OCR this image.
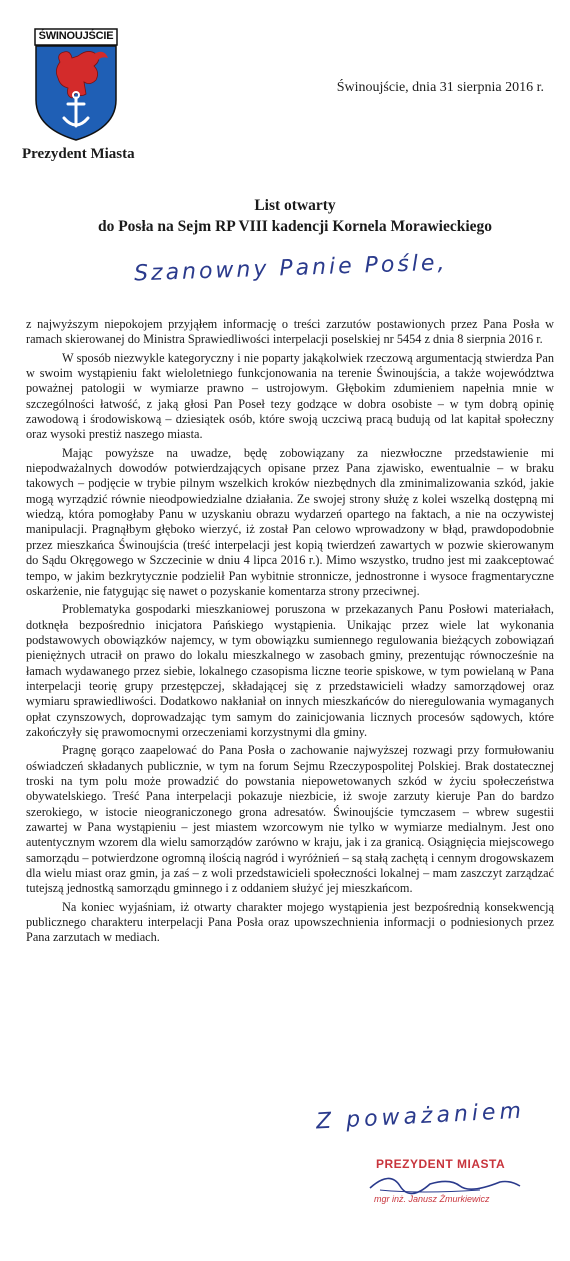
ŚWINOUJŚCIE
Prezydent Miasta
Świnoujście, dnia 31 sierpnia 2016 r.
List otwarty
do Posła na Sejm RP VIII kadencji Kornela Morawieckiego
Szanowny Panie Pośle,

z najwyższym niepokojem przyjąłem informację o treści zarzutów postawionych przez Pana Posła w ramach skierowanej do Ministra Sprawiedliwości interpelacji poselskiej nr 5454 z dnia 8 sierpnia 2016 r.

W sposób niezwykle kategoryczny i nie poparty jakąkolwiek rzeczową argumentacją stwierdza Pan w swoim wystąpieniu fakt wieloletniego funkcjonowania na terenie Świnoujścia, a także województwa poważnej patologii w wymiarze prawno – ustrojowym. Głębokim zdumieniem napełnia mnie w szczególności łatwość, z jaką głosi Pan Poseł tezy godzące w dobra osobiste – w tym dobrą opinię zawodową i środowiskową – dziesiątek osób, które swoją uczciwą pracą budują od lat kapitał społeczny oraz wysoki prestiż naszego miasta.

Mając powyższe na uwadze, będę zobowiązany za niezwłoczne przedstawienie mi niepodważalnych dowodów potwierdzających opisane przez Pana zjawisko, ewentualnie – w braku takowych – podjęcie w trybie pilnym wszelkich kroków niezbędnych dla zminimalizowania szkód, jakie mogą wyrządzić równie nieodpowiedzialne działania. Ze swojej strony służę z kolei wszelką dostępną mi wiedzą, która pomogłaby Panu w uzyskaniu obrazu wydarzeń opartego na faktach, a nie na oczywistej manipulacji. Pragnąłbym głęboko wierzyć, iż został Pan celowo wprowadzony w błąd, prawdopodobnie przez mieszkańca Świnoujścia (treść interpelacji jest kopią twierdzeń zawartych w pozwie skierowanym do Sądu Okręgowego w Szczecinie w dniu 4 lipca 2016 r.). Mimo wszystko, trudno jest mi zaakceptować tempo, w jakim bezkrytycznie podzielił Pan wybitnie stronnicze, jednostronne i wysoce fragmentaryczne oskarżenie, nie fatygując się nawet o pozyskanie komentarza strony przeciwnej.

Problematyka gospodarki mieszkaniowej poruszona w przekazanych Panu Posłowi materiałach, dotknęła bezpośrednio inicjatora Pańskiego wystąpienia. Unikając przez wiele lat wykonania podstawowych obowiązków najemcy, w tym obowiązku sumiennego regulowania bieżących zobowiązań pieniężnych utracił on prawo do lokalu mieszkalnego w zasobach gminy, prezentując równocześnie na łamach wydawanego przez siebie, lokalnego czasopisma liczne teorie spiskowe, w tym powielaną w Pana interpelacji teorię grupy przestępczej, składającej się z przedstawicieli władzy samorządowej oraz wymiaru sprawiedliwości. Dodatkowo nakłaniał on innych mieszkańców do nieregulowania wymaganych opłat czynszowych, doprowadzając tym samym do zainicjowania licznych procesów sądowych, które zakończyły się prawomocnymi orzeczeniami korzystnymi dla gminy.

Pragnę gorąco zaapelować do Pana Posła o zachowanie najwyższej rozwagi przy formułowaniu oświadczeń składanych publicznie, w tym na forum Sejmu Rzeczypospolitej Polskiej. Brak dostatecznej troski na tym polu może prowadzić do powstania niepowetowanych szkód w życiu społeczeństwa obywatelskiego. Treść Pana interpelacji pokazuje niezbicie, iż swoje zarzuty kieruje Pan do bardzo szerokiego, w istocie nieograniczonego grona adresatów. Świnoujście tymczasem – wbrew sugestii zawartej w Pana wystąpieniu – jest miastem wzorcowym nie tylko w wymiarze medialnym. Jest ono autentycznym wzorem dla wielu samorządów zarówno w kraju, jak i za granicą. Osiągnięcia miejscowego samorządu – potwierdzone ogromną ilością nagród i wyróżnień – są stałą zachętą i cennym drogowskazem dla wielu miast oraz gmin, ja zaś – z woli przedstawicieli społeczności lokalnej – mam zaszczyt zarządzać tutejszą jednostką samorządu gminnego i z oddaniem służyć jej mieszkańcom.

Na koniec wyjaśniam, iż otwarty charakter mojego wystąpienia jest bezpośrednią konsekwencją publicznego charakteru interpelacji Pana Posła oraz upowszechnienia informacji o podniesionych przez Pana zarzutach w mediach.

Z poważaniem
PREZYDENT MIASTA
mgr inż. Janusz Żmurkiewicz
